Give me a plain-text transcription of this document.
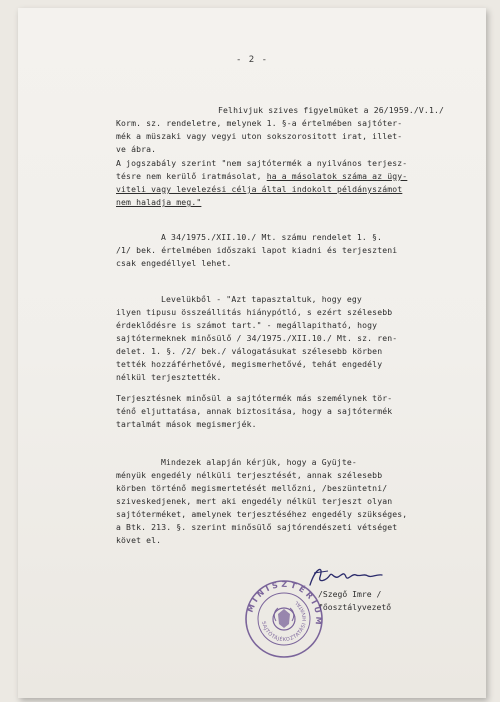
- 2 -
Felhivjuk szives figyelmüket a 26/1959./V.1./
Korm. sz. rendeletre, melynek 1. §-a értelmében sajtóter-
mék a müszaki vagy vegyi uton sokszorositott irat, illet-
ve ábra.
A jogszabály szerint "nem sajtótermék a nyilvános terjesz-
tésre nem kerülő iratmásolat, ha a másolatok száma az ügy-
viteli vagy levelezési célja által indokolt példányszámot
nem haladja meg."
A 34/1975./XII.10./ Mt. számu rendelet 1. §.
/1/ bek. értelmében időszaki lapot kiadni és terjeszteni
csak engedéllyel lehet.
Levelükből - "Azt tapasztaltuk, hogy egy
ilyen tipusu összeállitás hiánypótló, s ezért szélesebb
érdeklődésre is számot tart." - megállapitható, hogy
sajtótermeknek minősülő / 34/1975./XII.10./ Mt. sz. ren-
delet. 1. §. /2/ bek./ válogatásukat szélesebb körben
tették hozzáférhetővé, megismerhetővé, tehát engedély
nélkül terjesztették.
Terjesztésnek minősül a sajtótermék más személynek tör-
ténő eljuttatása, annak biztositása, hogy a sajtótermék
tartalmát mások megismerjék.
Mindezek alapján kérjük, hogy a Gyüjte-
ményük engedély nélküli terjesztését, annak szélesebb
körben történő megismertetését mellőzni, /beszüntetni/
sziveskedjenek, mert aki engedély nélkül terjeszt olyan
sajtóterméket, amelynek terjesztéséhez engedély szükséges,
a Btk. 213. §. szerint minősülő sajtórendészeti vétséget
követ el.
/Szegő Imre /
főosztályvezető
MINISZTÉRIUM
SAJTÓTÁJÉKOZTATÁSI HIVATAL
